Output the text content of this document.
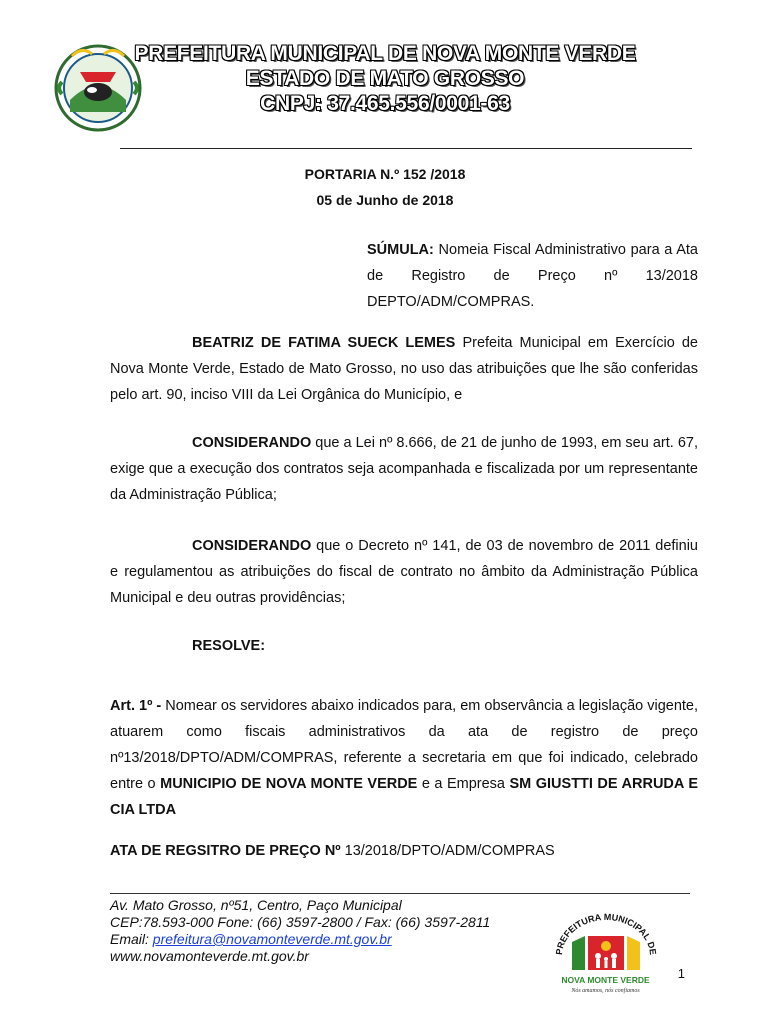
PREFEITURA MUNICIPAL DE NOVA MONTE VERDE
ESTADO DE MATO GROSSO
CNPJ: 37.465.556/0001-63
PORTARIA N.º 152 /2018
05 de Junho de 2018
SÚMULA: Nomeia Fiscal Administrativo para a Ata de Registro de Preço nº 13/2018 DEPTO/ADM/COMPRAS.
BEATRIZ DE FATIMA SUECK LEMES Prefeita Municipal em Exercício de Nova Monte Verde, Estado de Mato Grosso, no uso das atribuições que lhe são conferidas pelo art. 90, inciso VIII da Lei Orgânica do Município, e
CONSIDERANDO que a Lei nº 8.666, de 21 de junho de 1993, em seu art. 67, exige que a execução dos contratos seja acompanhada e fiscalizada por um representante da Administração Pública;
CONSIDERANDO que o Decreto nº 141, de 03 de novembro de 2011 definiu e regulamentou as atribuições do fiscal de contrato no âmbito da Administração Pública Municipal e deu outras providências;
RESOLVE:
Art. 1º - Nomear os servidores abaixo indicados para, em observância a legislação vigente, atuarem como fiscais administrativos da ata de registro de preço nº13/2018/DPTO/ADM/COMPRAS, referente a secretaria em que foi indicado, celebrado entre o MUNICIPIO DE NOVA MONTE VERDE e a Empresa SM GIUSTTI DE ARRUDA E CIA LTDA
ATA DE REGSITRO DE PREÇO Nº 13/2018/DPTO/ADM/COMPRAS
Av. Mato Grosso, nº51, Centro, Paço Municipal
CEP:78.593-000 Fone: (66) 3597-2800 / Fax: (66) 3597-2811
Email: prefeitura@novamonteverde.mt.gov.br
www.novamonteverde.mt.gov.br
1
PREFEITURA MUNICIPAL DE
NOVA MONTE VERDE
Nós amamos, nós confiamos
